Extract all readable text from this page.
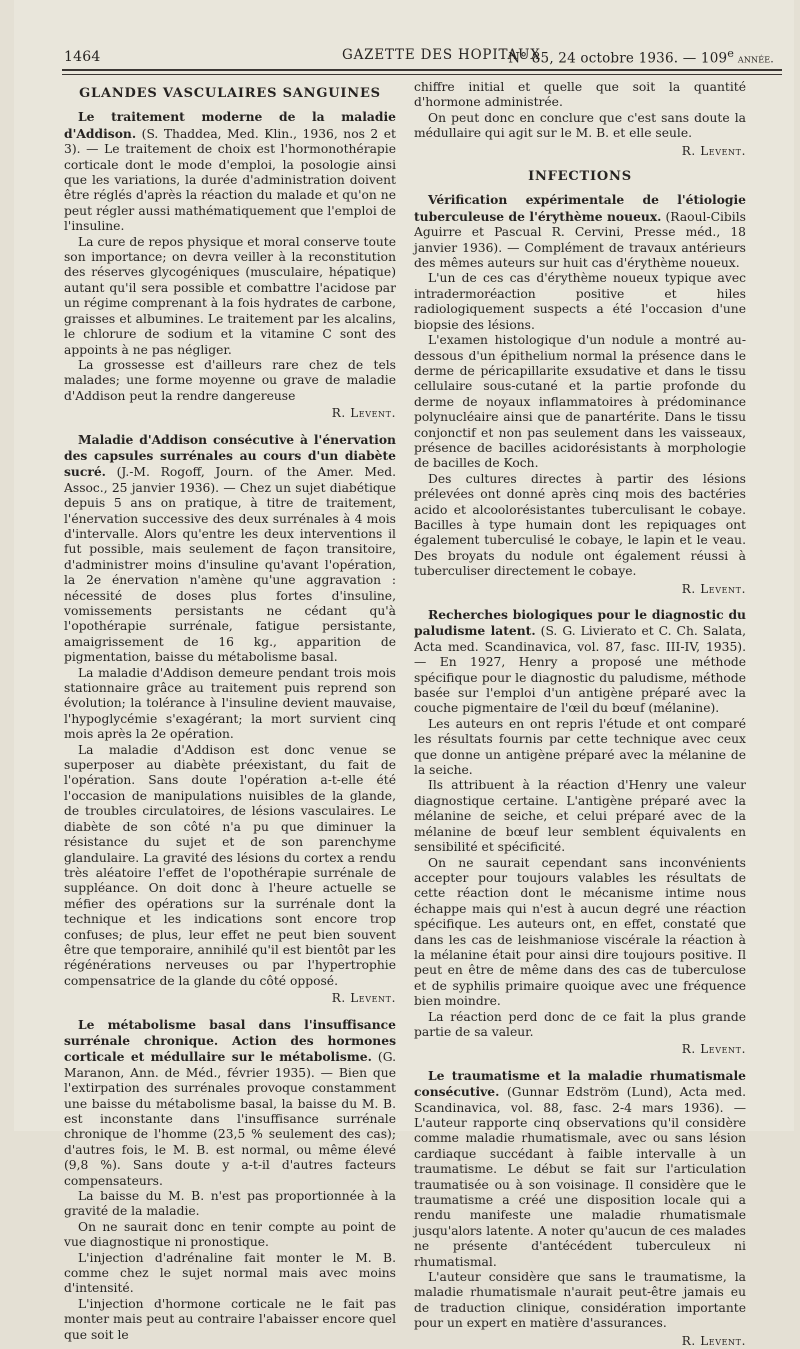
1464	GAZETTE DES HOPITAUX
N° 85, 24 octobre 1936. — 109e année.
GLANDES VASCULAIRES SANGUINES

Le traitement moderne de la maladie d'Addison. (S. Thaddea, Med. Klin., 1936, nos 2 et 3). — Le traitement de choix est l'hormonothérapie corticale dont le mode d'emploi, la posologie ainsi que les variations, la durée d'administration doivent être réglés d'après la réaction du malade et qu'on ne peut régler aussi mathématiquement que l'emploi de l'insuline.

La cure de repos physique et moral conserve toute son importance; on devra veiller à la reconstitution des réserves glycogéniques (musculaire, hépatique) autant qu'il sera possible et combattre l'acidose par un régime comprenant à la fois hydrates de carbone, graisses et albumines. Le traitement par les alcalins, le chlorure de sodium et la vitamine C sont des appoints à ne pas négliger.

La grossesse est d'ailleurs rare chez de tels malades; une forme moyenne ou grave de maladie d'Addison peut la rendre dangereuse

R. Levent.

Maladie d'Addison consécutive à l'énervation des capsules surrénales au cours d'un diabète sucré. (J.-M. Rogoff, Journ. of the Amer. Med. Assoc., 25 janvier 1936). — Chez un sujet diabétique depuis 5 ans on pratique, à titre de traitement, l'énervation successive des deux surrénales à 4 mois d'intervalle. Alors qu'entre les deux interventions il fut possible, mais seulement de façon transitoire, d'administrer moins d'insuline qu'avant l'opération, la 2e énervation n'amène qu'une aggravation : nécessité de doses plus fortes d'insuline, vomissements persistants ne cédant qu'à l'opothérapie surrénale, fatigue persistante, amaigrissement de 16 kg., apparition de pigmentation, baisse du métabolisme basal.

La maladie d'Addison demeure pendant trois mois stationnaire grâce au traitement puis reprend son évolution; la tolérance à l'insuline devient mauvaise, l'hypoglycémie s'exagérant; la mort survient cinq mois après la 2e opération.

La maladie d'Addison est donc venue se superposer au diabète préexistant, du fait de l'opération. Sans doute l'opération a-t-elle été l'occasion de manipulations nuisibles de la glande, de troubles circulatoires, de lésions vasculaires. Le diabète de son côté n'a pu que diminuer la résistance du sujet et de son parenchyme glandulaire. La gravité des lésions du cortex a rendu très aléatoire l'effet de l'opothérapie surrénale de suppléance. On doit donc à l'heure actuelle se méfier des opérations sur la surrénale dont la technique et les indications sont encore trop confuses; de plus, leur effet ne peut bien souvent être que temporaire, annihilé qu'il est bientôt par les régénérations nerveuses ou par l'hypertrophie compensatrice de la glande du côté opposé.

R. Levent.

Le métabolisme basal dans l'insuffisance surrénale chronique. Action des hormones corticale et médullaire sur le métabolisme. (G. Maranon, Ann. de Méd., février 1935). — Bien que l'extirpation des surrénales provoque constamment une baisse du métabolisme basal, la baisse du M. B. est inconstante dans l'insuffisance surrénale chronique de l'homme (23,5 % seulement des cas); d'autres fois, le M. B. est normal, ou même élevé (9,8 %). Sans doute y a-t-il d'autres facteurs compensateurs.

La baisse du M. B. n'est pas proportionnée à la gravité de la maladie.

On ne saurait donc en tenir compte au point de vue diagnostique ni pronostique.

L'injection d'adrénaline fait monter le M. B. comme chez le sujet normal mais avec moins d'intensité.

L'injection d'hormone corticale ne le fait pas monter mais peut au contraire l'abaisser encore quel que soit le

chiffre initial et quelle que soit la quantité d'hormone administrée.

On peut donc en conclure que c'est sans doute la médullaire qui agit sur le M. B. et elle seule.

R. Levent.
INFECTIONS

Vérification expérimentale de l'étiologie tuberculeuse de l'érythème noueux. (Raoul-Cibils Aguirre et Pascual R. Cervini, Presse méd., 18 janvier 1936). — Complément de travaux antérieurs des mêmes auteurs sur huit cas d'érythème noueux.

L'un de ces cas d'érythème noueux typique avec intradermoréaction positive et hiles radiologiquement suspects a été l'occasion d'une biopsie des lésions.

L'examen histologique d'un nodule a montré au-dessous d'un épithelium normal la présence dans le derme de péricapillarite exsudative et dans le tissu cellulaire sous-cutané et la partie profonde du derme de noyaux inflammatoires à prédominance polynucléaire ainsi que de panartérite. Dans le tissu conjonctif et non pas seulement dans les vaisseaux, présence de bacilles acidorésistants à morphologie de bacilles de Koch.

Des cultures directes à partir des lésions prélevées ont donné après cinq mois des bactéries acido et alcoolorésistantes tuberculisant le cobaye. Bacilles à type humain dont les repiquages ont également tuberculisé le cobaye, le lapin et le veau. Des broyats du nodule ont également réussi à tuberculiser directement le cobaye.

R. Levent.

Recherches biologiques pour le diagnostic du paludisme latent. (S. G. Livierato et C. Ch. Salata, Acta med. Scandinavica, vol. 87, fasc. III-IV, 1935). — En 1927, Henry a proposé une méthode spécifique pour le diagnostic du paludisme, méthode basée sur l'emploi d'un antigène préparé avec la couche pigmentaire de l'œil du bœuf (mélanine).

Les auteurs en ont repris l'étude et ont comparé les résultats fournis par cette technique avec ceux que donne un antigène préparé avec la mélanine de la seiche.

Ils attribuent à la réaction d'Henry une valeur diagnostique certaine. L'antigène préparé avec la mélanine de seiche, et celui préparé avec de la mélanine de bœuf leur semblent équivalents en sensibilité et spécificité.

On ne saurait cependant sans inconvénients accepter pour toujours valables les résultats de cette réaction dont le mécanisme intime nous échappe mais qui n'est à aucun degré une réaction spécifique. Les auteurs ont, en effet, constaté que dans les cas de leishmaniose viscérale la réaction à la mélanine était pour ainsi dire toujours positive. Il peut en être de même dans des cas de tuberculose et de syphilis primaire quoique avec une fréquence bien moindre.

La réaction perd donc de ce fait la plus grande partie de sa valeur.

R. Levent.

Le traumatisme et la maladie rhumatismale consécutive. (Gunnar Edström (Lund), Acta med. Scandinavica, vol. 88, fasc. 2-4 mars 1936). — L'auteur rapporte cinq observations qu'il considère comme maladie rhumatismale, avec ou sans lésion cardiaque succédant à faible intervalle à un traumatisme. Le début se fait sur l'articulation traumatisée ou à son voisinage. Il considère que le traumatisme a créé une disposition locale qui a rendu manifeste une maladie rhumatismale jusqu'alors latente. A noter qu'aucun de ces malades ne présente d'antécédent tuberculeux ni rhumatismal.

L'auteur considère que sans le traumatisme, la maladie rhumatismale n'aurait peut-être jamais eu de traduction clinique, considération importante pour un expert en matière d'assurances.

R. Levent.
